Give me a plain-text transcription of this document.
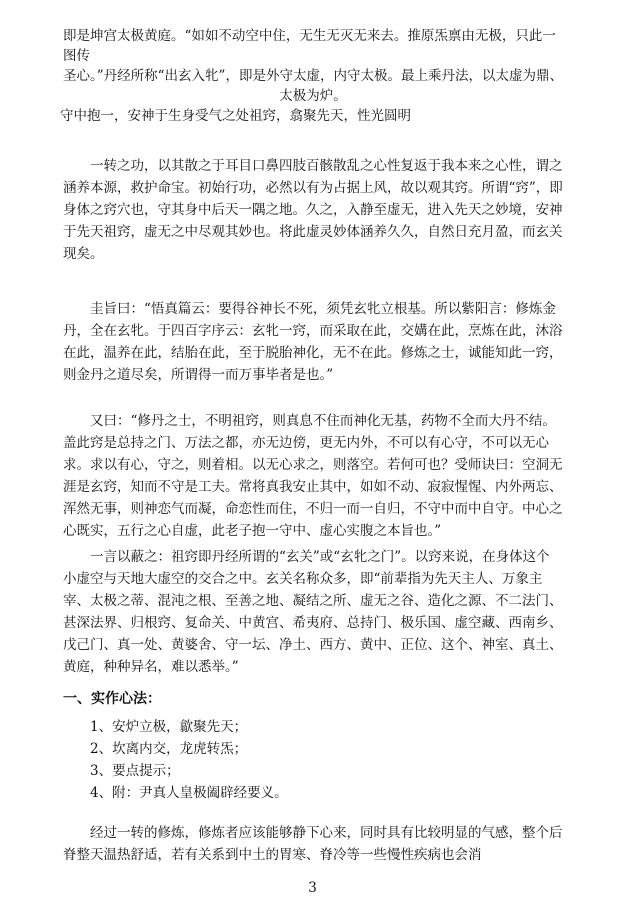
即是坤宫太极黄庭。“如如不动空中住，无生无灭无来去。推原炁禀由无极，只此一图传

圣心。”丹经所称“出玄入牝”，即是外守太虚，内守太极。最上乘丹法，以太虚为鼎、

太极为炉。

守中抱一，安神于生身受气之处祖窍，翕聚先天，性光圆明

一转之功，以其散之于耳目口鼻四肢百骸散乱之心性复返于我本来之心性，谓之涵养本源，救护命宝。初始行功，必然以有为占据上风，故以观其窍。所谓“窍”，即身体之窍穴也，守其身中后天一隅之地。久之，入静至虚无，进入先天之妙境，安神于先天祖窍，虚无之中尽观其妙也。将此虚灵妙体涵养久久，自然日充月盈，而玄关现矣。

圭旨曰：“悟真篇云：要得谷神长不死，须凭玄牝立根基。所以紫阳言：修炼金丹，全在玄牝。于四百字序云：玄牝一窍，而采取在此，交媾在此，烹炼在此，沐浴在此，温养在此，结胎在此，至于脱胎神化，无不在此。修炼之士，诚能知此一窍，则金丹之道尽矣，所谓得一而万事毕者是也。”

又曰：“修丹之士，不明祖窍，则真息不住而神化无基，药物不全而大丹不结。盖此窍是总持之门、万法之都，亦无边傍，更无内外，不可以有心守，不可以无心求。求以有心，守之，则着相。以无心求之，则落空。若何可也？受师诀曰：空洞无涯是玄窍，知而不守是工夫。常将真我安止其中，如如不动、寂寂惺惺、内外两忘、浑然无事，则神恋气而凝，命恋性而住，不归一而一自归，不守中而中自守。中心之心既实，五行之心自虚，此老子抱一守中、虚心实腹之本旨也。”

一言以蔽之：祖窍即丹经所谓的“玄关”或“玄牝之门”。以窍来说，在身体这个小虚空与天地大虚空的交合之中。玄关名称众多，即“前辈指为先天主人、万象主宰、太极之蒂、混沌之根、至善之地、凝结之所、虚无之谷、造化之源、不二法门、甚深法界、归根窍、复命关、中黄宫、希夷府、总持门、极乐国、虚空藏、西南乡、戊己门、真一处、黄婆舍、守一坛、净土、西方、黄中、正位、这个、神室、真土、黄庭，种种异名，难以悉举。”

一、实作心法：
1、安炉立极，歙聚先天；
2、坎离内交，龙虎转炁；
3、要点提示；
4、附：尹真人皇极阖辟经要义。

经过一转的修炼，修炼者应该能够静下心来，同时具有比较明显的气感，整个后脊整天温热舒适，若有关系到中土的胃寒、脊冷等一些慢性疾病也会消

3
